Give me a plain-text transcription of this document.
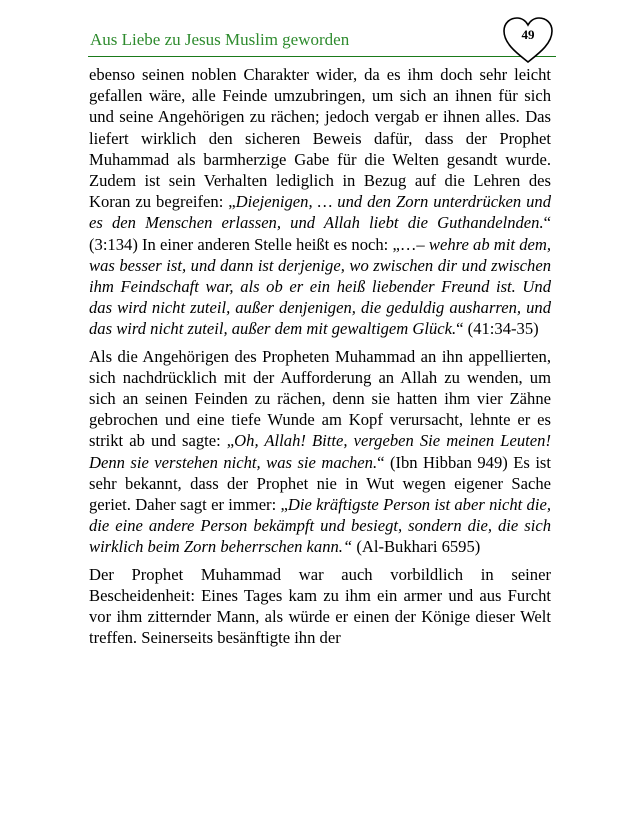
Aus Liebe zu Jesus Muslim geworden	49

ebenso seinen noblen Charakter wider, da es ihm doch sehr leicht gefallen wäre, alle Feinde umzubringen, um sich an ihnen für sich und seine Angehörigen zu rächen; jedoch vergab er ihnen alles. Das liefert wirklich den sicheren Beweis dafür, dass der Prophet Muhammad als barmherzige Gabe für die Welten gesandt wurde. Zudem ist sein Verhalten lediglich in Bezug auf die Lehren des Koran zu begreifen: „Diejenigen, … und den Zorn unterdrücken und es den Menschen erlassen, und Allah liebt die Guthandelnden.“ (3:134) In einer anderen Stelle heißt es noch: „…– wehre ab mit dem, was besser ist, und dann ist derjenige, wo zwischen dir und zwischen ihm Feindschaft war, als ob er ein heiß liebender Freund ist. Und das wird nicht zuteil, außer denjenigen, die geduldig ausharren, und das wird nicht zuteil, außer dem mit gewaltigem Glück.“ (41:34-35)

Als die Angehörigen des Propheten Muhammad an ihn appellierten, sich nachdrücklich mit der Aufforderung an Allah zu wenden, um sich an seinen Feinden zu rächen, denn sie hatten ihm vier Zähne gebrochen und eine tiefe Wunde am Kopf verursacht, lehnte er es strikt ab und sagte: „Oh, Allah! Bitte, vergeben Sie meinen Leuten! Denn sie verstehen nicht, was sie machen.“ (Ibn Hibban 949) Es ist sehr bekannt, dass der Prophet nie in Wut wegen eigener Sache geriet. Daher sagt er immer: „Die kräftigste Person ist aber nicht die, die eine andere Person bekämpft und besiegt, sondern die, die sich wirklich beim Zorn beherrschen kann.“ (Al-Bukhari 6595)

Der Prophet Muhammad war auch vorbildlich in seiner Bescheidenheit: Eines Tages kam zu ihm ein armer und aus Furcht vor ihm zitternder Mann, als würde er einen der Könige dieser Welt treffen. Seinerseits besänftigte ihn der
